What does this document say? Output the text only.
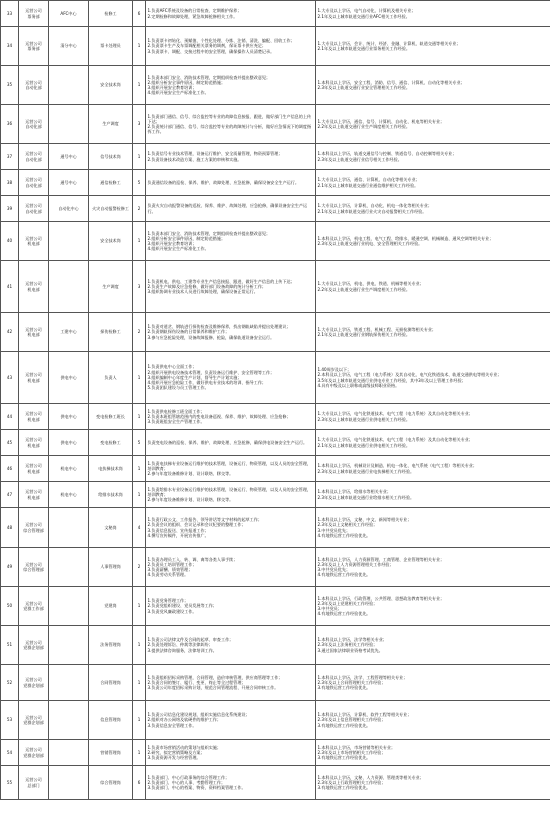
33	运营公司
票务部	AFC中心	检修工	6	1.负责AFC系统及设备的日常检查、定期维护保养；
2.定期检修和故障处理，紧急故障抢修相关工作。	1.大专及以上学历，电气自动化、计算机及相关专业；
2.1年及以上城市轨道交通行业AFC相关工作经验。

34	运营公司
票务部	清分中心	票卡处理员	1	1.负责票卡初始化、预赋值、个性化处理、分拣、注销、清洗、编配、回收工作；
2.负责票卡生产及车票调配相关票务的调剂，保证票卡供应充足；
3.负责票卡、调配、交接过程中的安全管理，确保操作人员清楚记录。	1.大专及以上学历，会计、统计、经济、金融、计算机、轨道交通等相关专业；
2.1年及以上城市轨道交通行业票务相关工作经验。

35	运营公司
自动化部		安全技术岗	1	1.负责本部门安全、消防技术管理，定期组织检查并提出整改意见；
2.组织分析安全事件原因，制定防范措施；
3.组织开展安全教育培训；
4.组织开展安全生产标准化工作。	1.本科及以上学历，安全工程、消防、信号、通信、计算机、自动化等相关专业；
2.3年及以上轨道交通行业安全管理相关工作经验。

36	运营公司
自动化部		生产调度	3	1.负责部门通信、信号、综合监控等专业的故障信息接报、跟进，做好部门生产信息的上传下达；
2.负责统计部门通信、信号、综合监控等专业的故障统计与分析，做好应急情况下的调度指挥工作。	1.大专及以上学历，通信、信号、计算机、自动化、机电等相关专业；
2.2年及以上轨道交通行业生产调度相关工作经验。

37	运营公司
自动化部	通号中心	信号技术岗	1	1.负责信号专业技术管理，设备运行维护、安全质量管理，物资预算管理；
2.负责设备技术改造方案、施工方案的审核和实施。	1.本科及以上学历，轨道交通信号与控制、铁道信号、自动控制等相关专业；
2.3年及以上轨道交通行业信号相关工作经验。

38	运营公司
自动化部	通号中心	通信检修工	5	负责通信设备的巡检、保养、维护、故障处理、应急抢修，确保设备安全生产运行。	1.大专及以上学历，通信、计算机、自动化等相关专业；
2.1年及以上城市轨道交通行业通信维护相关工作经验。

39	运营公司
自动化部	自动化中心	火灾自动报警检修工	2	负责火灾自动报警设备的巡检、保养、维护、故障处理、应急抢修，确保设备安全生产运行。	1.大专及以上学历，计算机、自动化、机电一体化等相关专业；
2.1年及以上城市轨道交通行业火灾自动报警相关工作经验。

40	运营公司
机电部		安全技术岗	1	1.负责本部门安全、消防技术管理，定期组织检查并提出整改意见；
2.组织分析安全事件原因，制定防范措施；
3.组织开展安全教育培训；
4.组织开展安全生产标准化工作。	1.本科及以上学历，机电工程、电气工程、给排水、暖通空调、机械制造、通风空调等相关专业；
2.3年及以上轨道交通行业机电、安全管理相关工作经验。

41	运营公司
机电部		生产调度	3	1.负责机电、供电、工建等专业生产信息接报、跟进，做好生产信息的上传下达；
2.负责生产故障及应急抢修，做好部门设备故障的统计分析工作；
3.组织协调专业技术人员进行故障处理，确保设备正常运行。	1.大专及以上学历，机电、供电、铁道、机械等相关专业；
2.2年及以上轨道交通行业生产调度相关工作经验。

42	运营公司
机电部	工建中心	探伤检修工	2	1.负责对道岔、钢轨进行探伤检查及维修保养，找出钢轨缺陷并提出处理建议；
2.负责钢轨探伤设备的日常保养和维护工作；
3.参与应急抢险处理，设备故障报修、抢险，确保轨道设备安全运行。	1.大专及以上学历，铁道工程、机械工程、无损检测等相关专业；
2.1年及以上轨道交通行业钢轨探伤相关工作经验。

43	运营公司
机电部	供电中心	负责人	1	1.负责供电中心全面工作；
2.组织开展供电设备技术管理，负责设备运行维护、安全管理等工作；
3.组织编制中心年度生产计划，督导生产计划实施；
4.组织开展应急抢险工作，做好供电专业技术的培训、指导工作；
5.负责团队建设与员工管理工作。	1.40周岁及以下；
2.本科及以上学历，电气工程（电力系统）及其自动化、电气化铁道技术、轨道交通供电等相关专业；
3.5年及以上城市轨道交通行业供电专业工作经验，其中3年及以上管理工作经验；
4.具有中级及以上职称或高级技师职业资格。

44	运营公司
机电部	供电中心	变电检修工班长	1	1.负责供电检修工班全面工作；
2.负责本班组管辖范围内的变电设备巡视、保养、维护、故障处理、应急抢修；
3.负责班组安全生产管理工作。	1.大专及以上学历，电气化铁道技术、电气工程（电力系统）及其自动化等相关专业；
2.3年及以上城市轨道交通行业供电相关工作经验。

45	运营公司
机电部	供电中心	变电检修工	5	负责变电设备的巡检、保养、维护、故障处理、应急抢修，确保供电设备安全生产运行。	1.大专及以上学历，电气化铁道技术、电气工程（电力系统）及其自动化等相关专业；
2.1年及以上城市轨道交通行业供电相关工作经验。

46	运营公司
机电部	机电中心	电扶梯技术岗	1	1.负责电扶梯专业设备运行维护的技术管理，设备运行、物资管理，以及人员的安全管理，培训教育；
2.参与年度设备维修计划、设计联络、移交等。	1.本科及以上学历，机械设计及制造、机电一体化、电气系统（电气工程）等相关专业；
2.3年及以上城市轨道交通行业电扶梯相关工作经验。

47	运营公司
机电部	机电中心	给排水技术岗	1	1.负责给排水专业设备运行维护的技术管理，设备运行、物资管理，以及人员的安全管理，培训教育；
2.参与年度设备维修计划、设计联络、移交等。	1.本科及以上学历，给排水等相关专业；
2.3年及以上城市轨道交通行业给排水相关工作经验。

48	运营公司
综合管理部		文秘岗	4	1.负责行政公文、工作报告、领导讲话等文字材料的起草工作；
2.负责会议的组织、会议记录和会议纪要的整理工作；
3.负责信息报送、宣传报道工作；
4.撰写宣传稿件，开展宣传推广。	1.本科及以上学历，文秘、中文、新闻等相关专业；
2.3年及以上文秘相关工作经验；
3.中共党员优先；
4.有地铁运营工作经验优先。

49	运营公司
综合管理部		人事管理岗	2	1.负责办理员工入、转、调、离等各类人事手续；
2.负责员工培训管理工作；
3.负责薪酬、绩效管理；
4.负责劳动关系管理。	1.本科及以上学历，人力资源管理、工商管理、企业管理等相关专业；
2.3年及以上人力资源管理相关工作经验；
3.中共党员优先；
4.有地铁运营工作经验优先。

50	运营公司
党群工作部		党建岗	1	1.负责党务管理工作；
2.负责党组织建设、党员发展等工作；
3.负责党风廉政建设工作。	1.本科及以上学历，行政管理、公共管理、思想政治教育等相关专业；
2.3年及以上党建相关工作经验；
3.中共党员；
4.有地铁运营工作经验优先。

51	运营公司
党群企划部		法务管理岗	1	1.负责公司法律文件及合同的起草、审查工作；
2.负责处理诉讼、仲裁等法律纠纷；
3.提供法律咨询服务，法律培训工作。	1.本科及以上学历，法学等相关专业；
2.3年及以上法务相关工作经验；
3.通过国家法律职业资格考试优先。

52	运营公司
党群企划部		合同管理岗	1	1.负责组织招标采购管理，合同管理，造价审核管理，供应商管理等工作；
2.负责合同的签订、履行、变更、终止等全过程管理；
3.负责公司年度招标采购计划，规范合同管理流程、开展合同审核工作。	1.本科及以上学历，法学、工程管理等相关专业；
2.3年及以上合同管理相关工作经验；
3.有地铁运营工作经验优先。

53	运营公司
党群企划部		信息管理岗	1	1.负责公司信息化建设规划，组织实施信息化系统建设；
2.组织对办公网络及软硬件的维护工作；
3.负责信息安全管理工作。	1.本科及以上学历，计算机、软件工程等相关专业；
2.3年及以上信息管理相关工作经验；
3.有地铁运营工作经验优先。

54	运营公司
党群企划部		营销管理岗	1	1.负责市场营销活动的策划与组织实施；
2.研究、拟定营销策略及方案；
3.负责资源开发与经营管理。	1.本科及以上学历，市场营销等相关专业；
2.3年及以上市场营销相关工作经验；
3.有地铁运营工作经验优先。

55	运营公司
总部门		综合管理岗	6	1.负责部门、中心行政事务的综合管理工作；
2.负责部门、中心的人事、考勤管理工作；
3.负责部门、中心的档案、物资、资料档案管理工作。	1.本科及以上学历，文秘、人力资源、管理类等相关专业；
2.3年及以上行政管理相关工作经验；
3.有地铁运营工作经验优先。
